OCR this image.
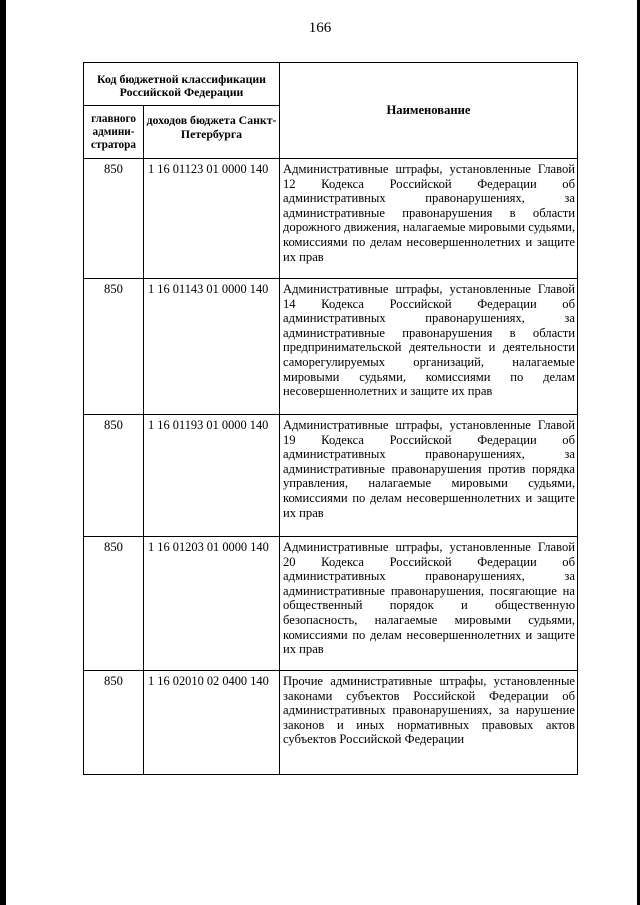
166
Код бюджетной классификации Российской Федерации		Наименование
главного админи-стратора	доходов бюджета Санкт-Петербурга	
850	1 16 01123 01 0000 140	Административные штрафы, установленные Главой 12 Кодекса Российской Федерации об административных правонарушениях, за административные правонарушения в области дорожного движения, налагаемые мировыми судьями, комиссиями по делам несовершеннолетних и защите их прав

850	1 16 01143 01 0000 140	Административные штрафы, установленные Главой 14 Кодекса Российской Федерации об административных правонарушениях, за административные правонарушения в области предпринимательской деятельности и деятельности саморегулируемых организаций, налагаемые мировыми судьями, комиссиями по делам несовершеннолетних и защите их прав

850	1 16 01193 01 0000 140	Административные штрафы, установленные Главой 19 Кодекса Российской Федерации об административных правонарушениях, за административные правонарушения против порядка управления, налагаемые мировыми судьями, комиссиями по делам несовершеннолетних и защите их прав

850	1 16 01203 01 0000 140	Административные штрафы, установленные Главой 20 Кодекса Российской Федерации об административных правонарушениях, за административные правонарушения, посягающие на общественный порядок и общественную безопасность, налагаемые мировыми судьями, комиссиями по делам несовершеннолетних и защите их прав

850	1 16 02010 02 0400 140	Прочие административные штрафы, установленные законами субъектов Российской Федерации об административных правонарушениях, за нарушение законов и иных нормативных правовых актов субъектов Российской Федерации
